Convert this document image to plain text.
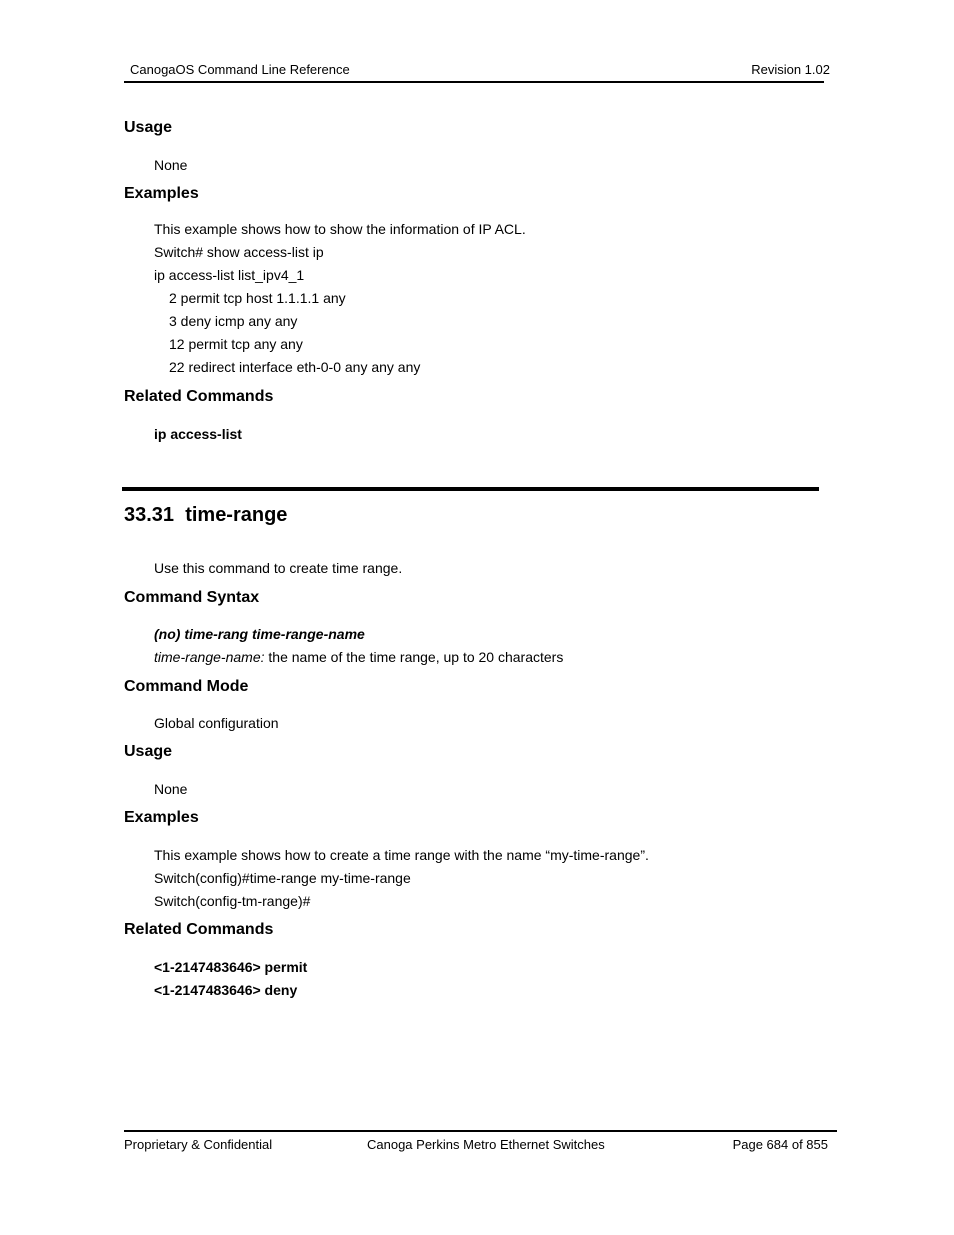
CanogaOS Command Line Reference	Revision 1.02
Usage
None
Examples
This example shows how to show the information of IP ACL.
Switch# show access-list ip
ip access-list list_ipv4_1
2 permit tcp host 1.1.1.1 any
3 deny icmp any any
12 permit tcp any any
22 redirect interface eth-0-0 any any any
Related Commands
ip access-list
33.31 time-range
Use this command to create time range.
Command Syntax
(no) time-rang time-range-name
time-range-name: the name of the time range, up to 20 characters
Command Mode
Global configuration
Usage
None
Examples
This example shows how to create a time range with the name “my-time-range”.
Switch(config)#time-range my-time-range
Switch(config-tm-range)#
Related Commands
<1-2147483646> permit
<1-2147483646> deny
Proprietary & Confidential	Canoga Perkins Metro Ethernet Switches	Page 684 of 855
